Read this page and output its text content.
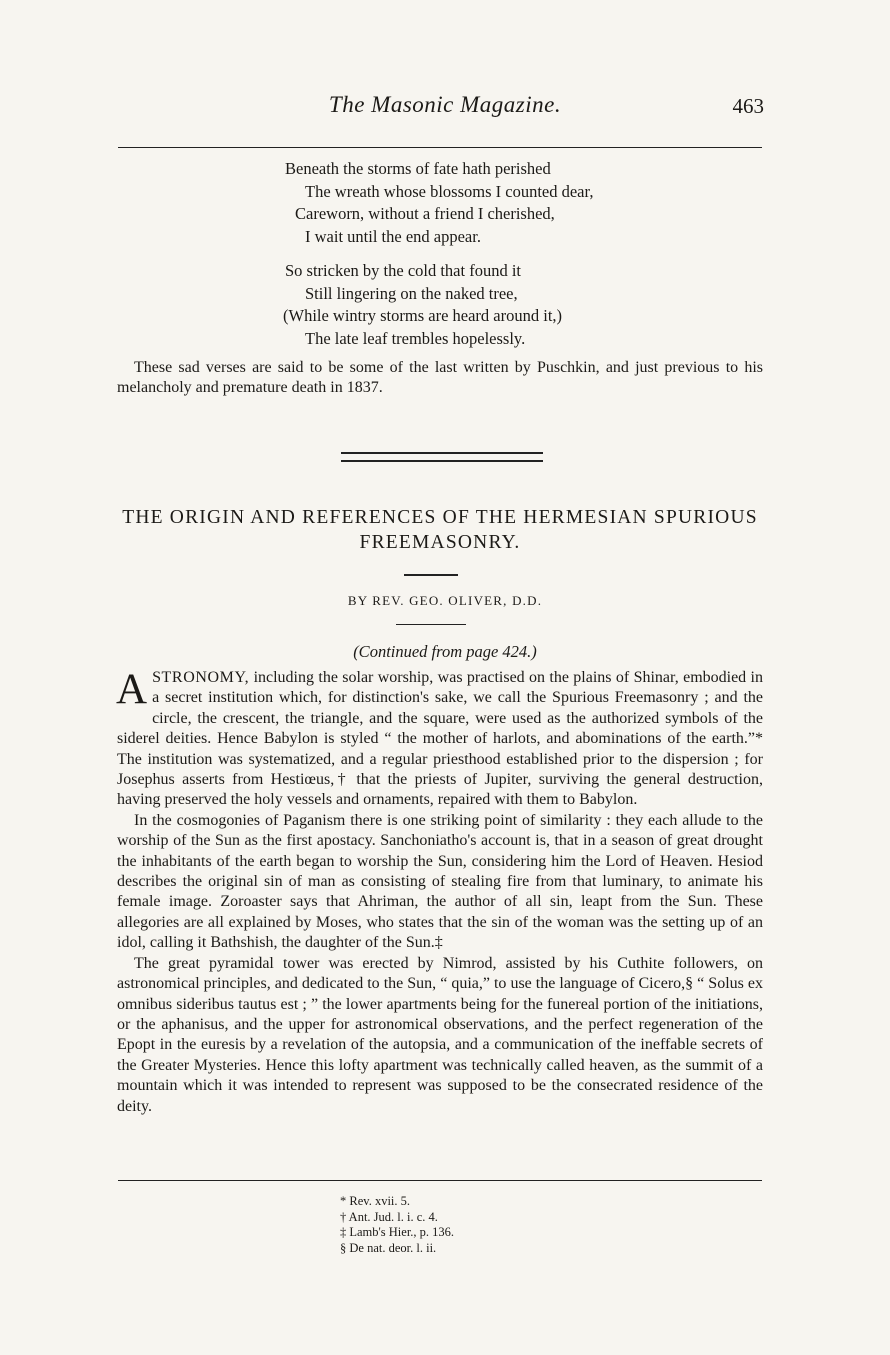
The Masonic Magazine.	463
Beneath the storms of fate hath perished
The wreath whose blossoms I counted dear,
Careworn, without a friend I cherished,
I wait until the end appear.
So stricken by the cold that found it
Still lingering on the naked tree,
(While wintry storms are heard around it,)
The late leaf trembles hopelessly.

These sad verses are said to be some of the last written by Puschkin, and just previous to his melancholy and premature death in 1837.

THE ORIGIN AND REFERENCES OF THE HERMESIAN SPURIOUS FREEMASONRY.
BY REV. GEO. OLIVER, D.D.
(Continued from page 424.)

ASTRONOMY, including the solar worship, was practised on the plains of Shinar, embodied in a secret institution which, for distinction's sake, we call the Spurious Freemasonry ; and the circle, the crescent, the triangle, and the square, were used as the authorized symbols of the siderel deities. Hence Babylon is styled “ the mother of harlots, and abominations of the earth.”* The institution was systematized, and a regular priesthood established prior to the dispersion ; for Josephus asserts from Hestiœus,† that the priests of Jupiter, surviving the general destruction, having preserved the holy vessels and ornaments, repaired with them to Babylon.

In the cosmogonies of Paganism there is one striking point of similarity : they each allude to the worship of the Sun as the first apostacy. Sanchoniatho's account is, that in a season of great drought the inhabitants of the earth began to worship the Sun, considering him the Lord of Heaven. Hesiod describes the original sin of man as consisting of stealing fire from that luminary, to animate his female image. Zoroaster says that Ahriman, the author of all sin, leapt from the Sun. These allegories are all explained by Moses, who states that the sin of the woman was the setting up of an idol, calling it Bathshish, the daughter of the Sun.‡

The great pyramidal tower was erected by Nimrod, assisted by his Cuthite followers, on astronomical principles, and dedicated to the Sun, “ quia,” to use the language of Cicero,§ “ Solus ex omnibus sideribus tautus est ; ” the lower apartments being for the funereal portion of the initiations, or the aphanisus, and the upper for astronomical observations, and the perfect regeneration of the Epopt in the euresis by a revelation of the autopsia, and a communication of the ineffable secrets of the Greater Mysteries. Hence this lofty apartment was technically called heaven, as the summit of a mountain which it was intended to represent was supposed to be the consecrated residence of the deity.

* Rev. xvii. 5.
† Ant. Jud. l. i. c. 4.
‡ Lamb's Hier., p. 136.
§ De nat. deor. l. ii.
